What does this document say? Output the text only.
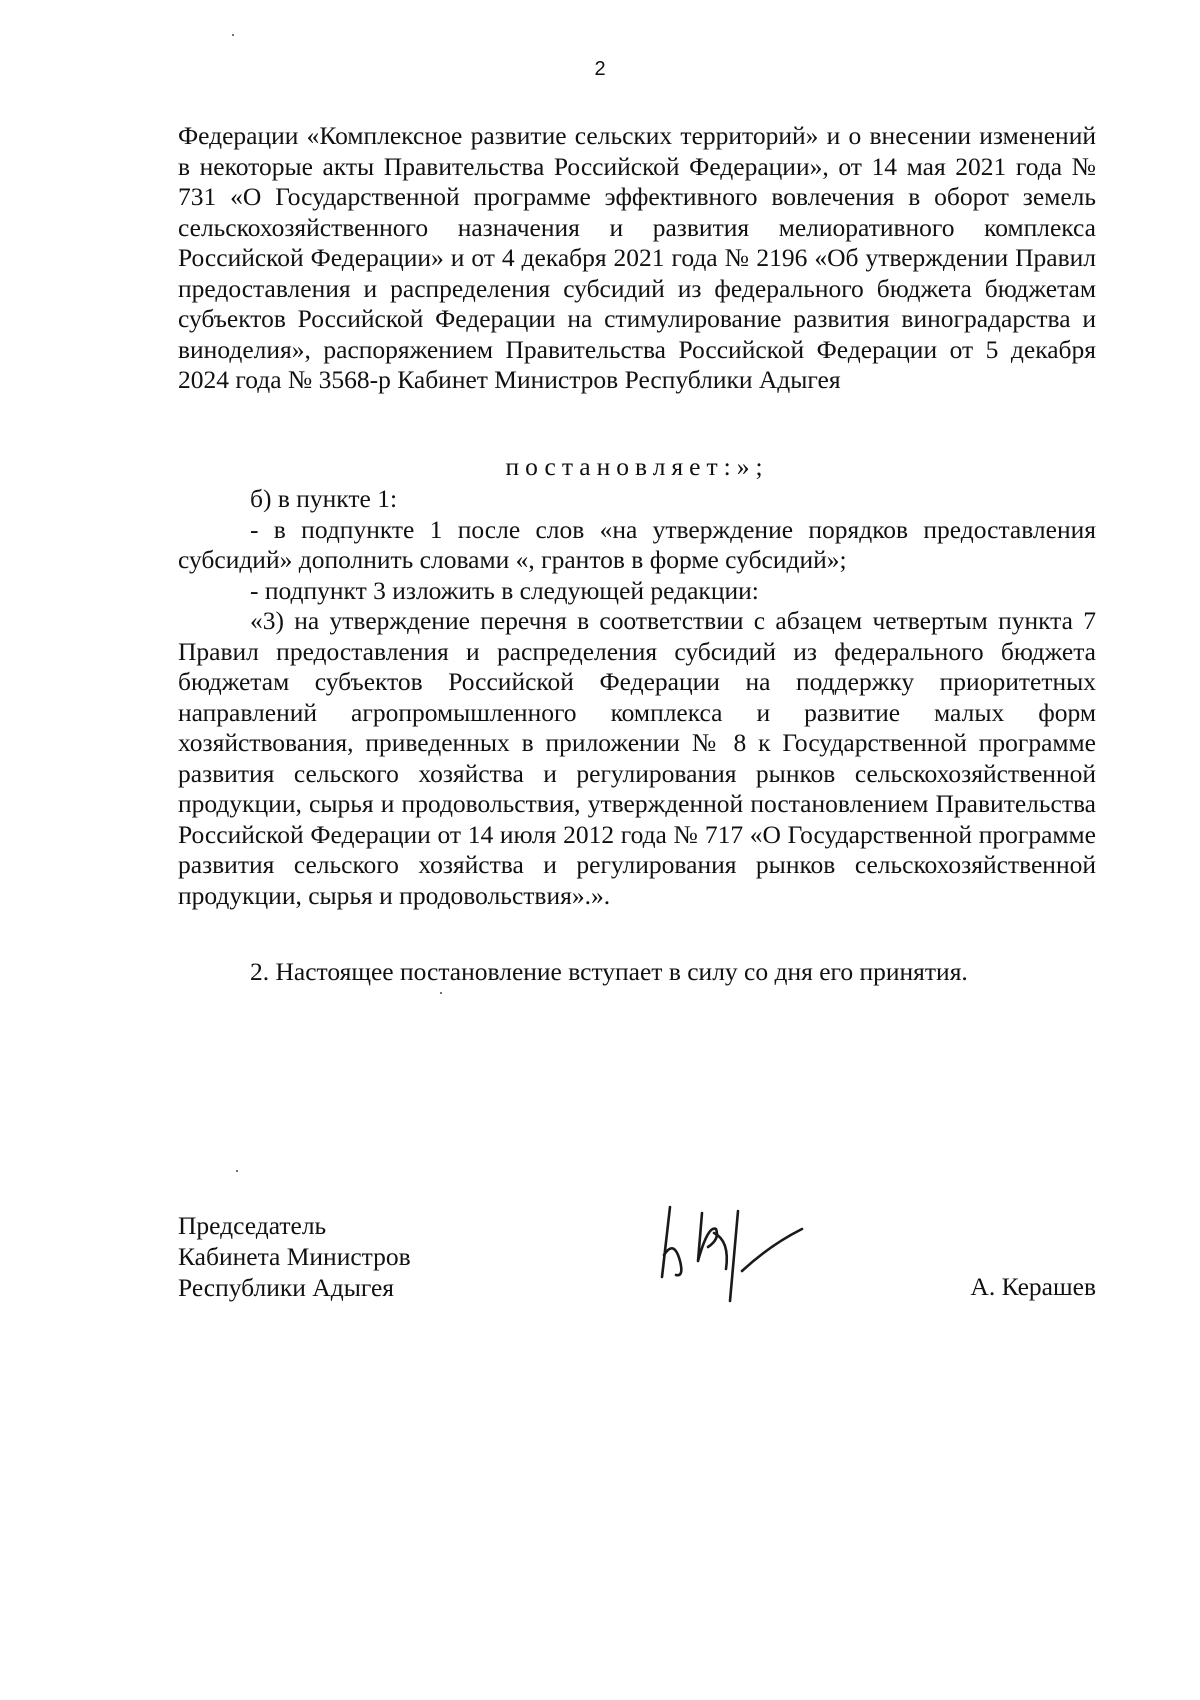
2

Федерации «Комплексное развитие сельских территорий» и о внесении изменений в некоторые акты Правительства Российской Федерации», от 14 мая 2021 года № 731 «О Государственной программе эффективного вовлечения в оборот земель сельскохозяйственного назначения и развития мелиоративного комплекса Российской Федерации» и от 4 декабря 2021 года № 2196 «Об утверждении Правил предоставления и распределения субсидий из федерального бюджета бюджетам субъектов Российской Федерации на стимулирование развития виноградарства и виноделия», распоряжением Правительства Российской Федерации от 5 декабря 2024 года № 3568-р Кабинет Министров Республики Адыгея

постановляет:»;

б) в пункте 1:

- в подпункте 1 после слов «на утверждение порядков предоставления субсидий» дополнить словами «, грантов в форме субсидий»;

- подпункт 3 изложить в следующей редакции:

«3) на утверждение перечня в соответствии с абзацем четвертым пункта 7 Правил предоставления и распределения субсидий из федерального бюджета бюджетам субъектов Российской Федерации на поддержку приоритетных направлений агропромышленного комплекса и развитие малых форм хозяйствования, приведенных в приложении № 8 к Государственной программе развития сельского хозяйства и регулирования рынков сельскохозяйственной продукции, сырья и продовольствия, утвержденной постановлением Правительства Российской Федерации от 14 июля 2012 года № 717 «О Государственной программе развития сельского хозяйства и регулирования рынков сельскохозяйственной продукции, сырья и продовольствия».».

2. Настоящее постановление вступает в силу со дня его принятия.

Председатель
Кабинета Министров
Республики Адыгея	А. Керашев
